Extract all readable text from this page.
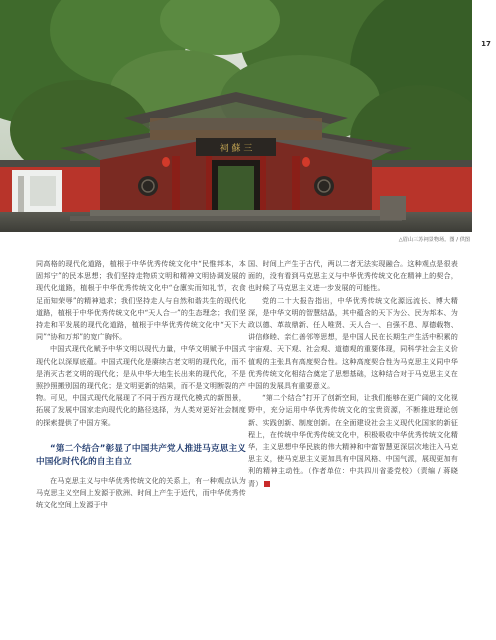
祠 蘇 三
17
△眉山三苏祠景物场。图 / 供图

同高格的现代化道路，植根于中华优秀传统文化中“民惟邦本，本固邦宁”的民本思想；我们坚持走物质文明和精神文明协调发展的现代化道路，植根于中华优秀传统文化中“仓廪实而知礼节，衣食足而知荣辱”的精神追求；我们坚持走人与自然和谐共生的现代化道路，植根于中华优秀传统文化中“天人合一”的生态理念；我们坚持走和平发展的现代化道路，植根于中华优秀传统文化中“天下大同”“协和万邦”的宽广胸怀。

中国式现代化赋予中华文明以现代力量，中华文明赋予中国式现代化以深厚底蕴。中国式现代化是赓续古老文明的现代化，而不是消灭古老文明的现代化；是从中华大地生长出来的现代化，不是照抄照搬别国的现代化；是文明更新的结果，而不是文明断裂的产物。可见，中国式现代化展现了不同于西方现代化模式的新图景，拓展了发展中国家走向现代化的路径选择，为人类对更好社会制度的探索提供了中国方案。

“第二个结合”彰显了中国共产党人推进马克思主义中国化时代化的自主自立

在马克思主义与中华优秀传统文化的关系上，有一种观点认为马克思主义空间上发源于欧洲、时间上产生于近代，而中华优秀传统文化空间上发源于中

国、时间上产生于古代，两以二者无法实现融合。这种观点是很表面的，没有看到马克思主义与中华优秀传统文化在精神上的契合，也时候了马克思主义进一步发展的可能性。

党的二十大报告指出，中华优秀传统文化源远流长、博大精深，是中华文明的智慧结晶，其中蕴含的天下为公、民为邦本、为政以德、革故鼎新、任人唯贤、天人合一、自强不息、厚德载物、讲信修睦、亲仁善邻等思想，是中国人民在长期生产生活中积累的宇宙观、天下观、社会观、道德观的重要体现，同科学社会主义价值观的主张具有高度契合性。这种高度契合性为马克思主义同中华优秀传统文化相结合奠定了思想基础，这种结合对于马克思主义在中国的发展具有重要意义。

“第二个结合”打开了创新空间，让我们能够在更广阔的文化视野中，充分运用中华优秀传统文化的宝贵资源，不断推进理论创新、实践创新、制度创新。在全面建设社会主义现代化国家的新征程上，在传统中华优秀传统文化中，积极吸收中华优秀传统文化精华，主义思想中华民族的伟大精神和中富智慧更深层次地注入马克思主义，使马克思主义更加具有中国风格、中国气派，展现更加有利的精神主动性。（作者单位：中共四川省委党校）（责编 / 蒋晓青）
